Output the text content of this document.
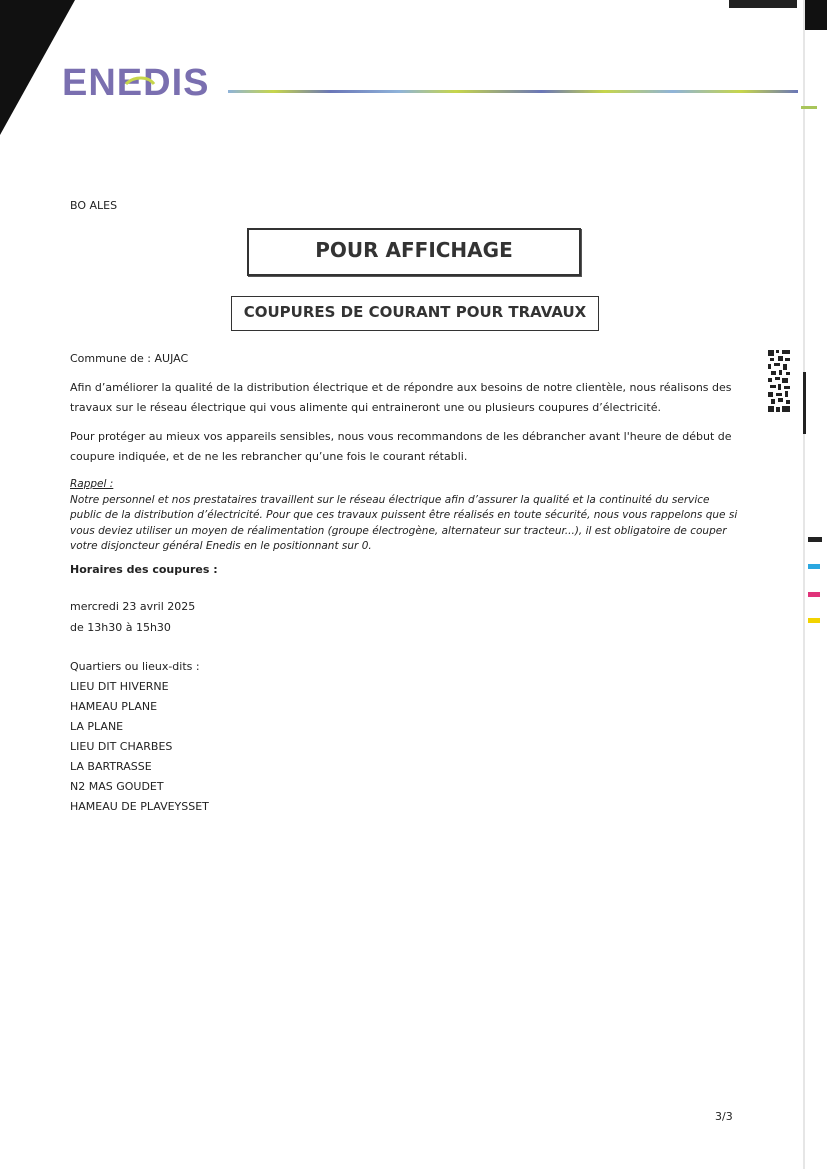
ENEDIS
BO ALES
POUR AFFICHAGE
COUPURES DE COURANT POUR TRAVAUX
Commune de : AUJAC
Afin d’améliorer la qualité de la distribution électrique et de répondre aux besoins de notre clientèle, nous réalisons des travaux sur le réseau électrique qui vous alimente qui entraineront une ou plusieurs coupures d’électricité.
Pour protéger au mieux vos appareils sensibles, nous vous recommandons de les débrancher avant l'heure de début de coupure indiquée, et de ne les rebrancher qu’une fois le courant rétabli.
Rappel :
Notre personnel et nos prestataires travaillent sur le réseau électrique afin d’assurer la qualité et la continuité du service public de la distribution d’électricité. Pour que ces travaux puissent être réalisés en toute sécurité, nous vous rappelons que si vous deviez utiliser un moyen de réalimentation (groupe électrogène, alternateur sur tracteur...), il est obligatoire de couper votre disjoncteur général Enedis en le positionnant sur 0.
Horaires des coupures :
mercredi 23 avril 2025
de 13h30 à 15h30
Quartiers ou lieux-dits :
LIEU DIT HIVERNE
HAMEAU PLANE
LA PLANE
LIEU DIT CHARBES
LA BARTRASSE
N2 MAS GOUDET
HAMEAU DE PLAVEYSSET
3/3
